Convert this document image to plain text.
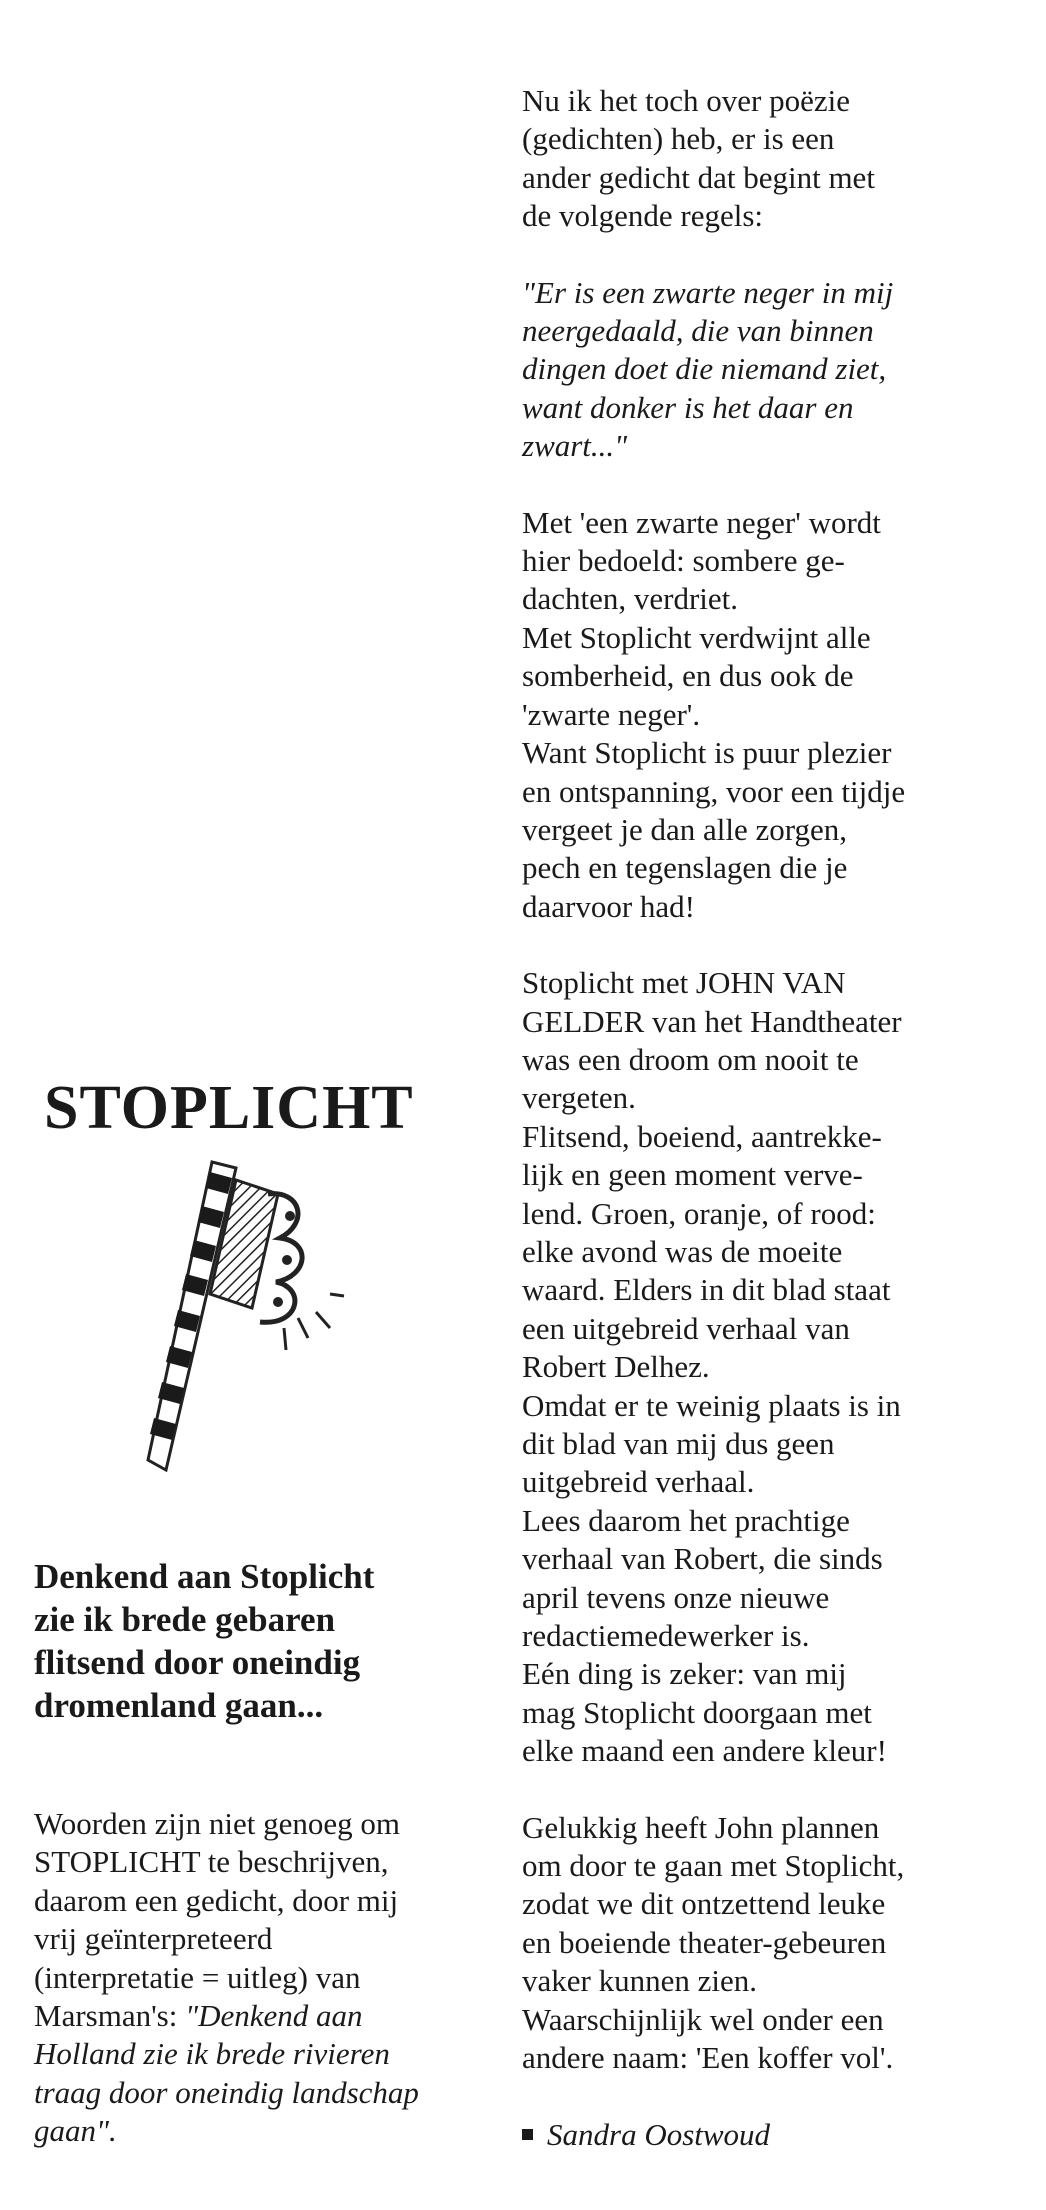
Nu ik het toch over poëzie

(gedichten) heb, er is een

ander gedicht dat begint met

de volgende regels:

"Er is een zwarte neger in mij

neergedaald, die van binnen

dingen doet die niemand ziet,

want donker is het daar en

zwart..."

Met 'een zwarte neger' wordt

hier bedoeld: sombere ge-

dachten, verdriet.

Met Stoplicht verdwijnt alle

somberheid, en dus ook de

'zwarte neger'.

Want Stoplicht is puur plezier

en ontspanning, voor een tijdje

vergeet je dan alle zorgen,

pech en tegenslagen die je

daarvoor had!

Stoplicht met JOHN VAN

GELDER van het Handtheater

was een droom om nooit te

vergeten.

Flitsend, boeiend, aantrekke-

lijk en geen moment verve-

lend. Groen, oranje, of rood:

elke avond was de moeite

waard. Elders in dit blad staat

een uitgebreid verhaal van

Robert Delhez.

Omdat er te weinig plaats is in

dit blad van mij dus geen

uitgebreid verhaal.

Lees daarom het prachtige

verhaal van Robert, die sinds

april tevens onze nieuwe

redactiemedewerker is.

Eén ding is zeker: van mij

mag Stoplicht doorgaan met

elke maand een andere kleur!

Gelukkig heeft John plannen

om door te gaan met Stoplicht,

zodat we dit ontzettend leuke

en boeiende theater-gebeuren

vaker kunnen zien.

Waarschijnlijk wel onder een

andere naam: 'Een koffer vol'.

Sandra Oostwoud

STOPLICHT

Denkend aan Stoplicht

zie ik brede gebaren

flitsend door oneindig

dromenland gaan...

Woorden zijn niet genoeg om

STOPLICHT te beschrijven,

daarom een gedicht, door mij

vrij geïnterpreteerd

(interpretatie = uitleg) van

Marsman's: "Denkend aan

Holland zie ik brede rivieren

traag door oneindig landschap

gaan".
